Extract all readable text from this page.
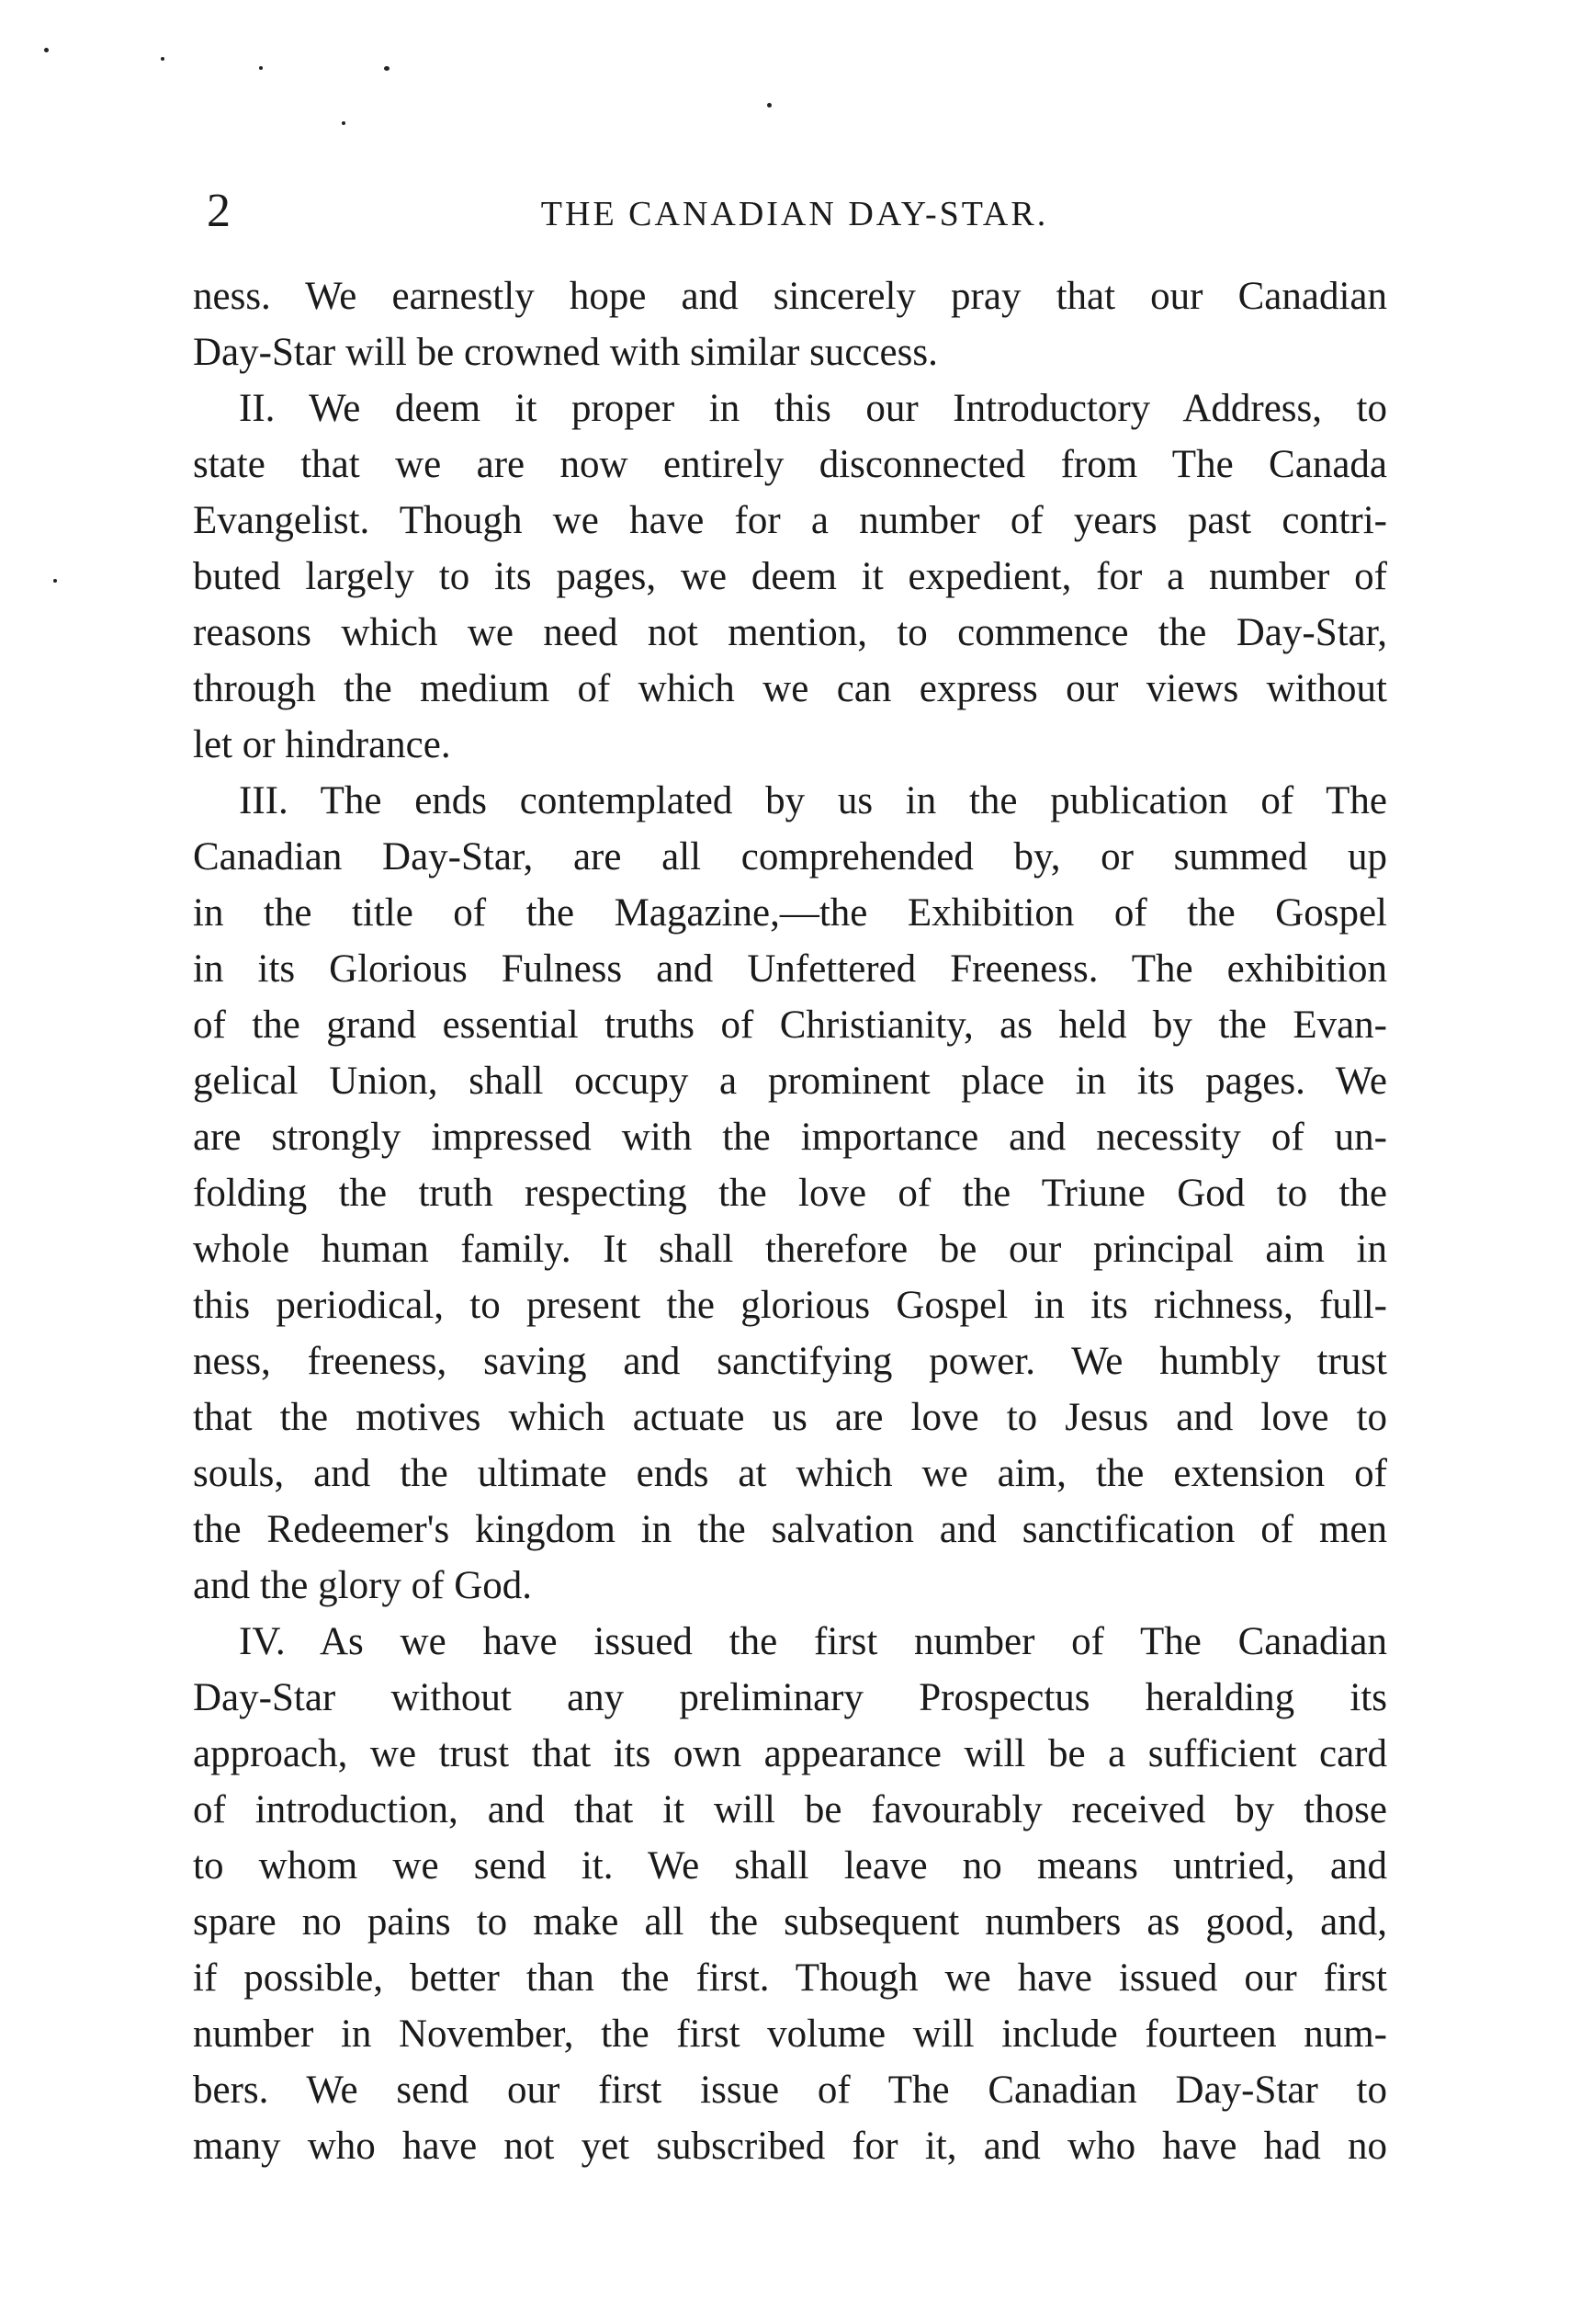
2	THE CANADIAN DAY-STAR.
ness. We earnestly hope and sincerely pray that our Canadian
Day-Star will be crowned with similar success.
II. We deem it proper in this our Introductory Address, to
state that we are now entirely disconnected from The Canada
Evangelist. Though we have for a number of years past contri-
buted largely to its pages, we deem it expedient, for a number of
reasons which we need not mention, to commence the Day-Star,
through the medium of which we can express our views without
let or hindrance.
III. The ends contemplated by us in the publication of The
Canadian Day-Star, are all comprehended by, or summed up
in the title of the Magazine,—the Exhibition of the Gospel
in its Glorious Fulness and Unfettered Freeness. The exhibition
of the grand essential truths of Christianity, as held by the Evan-
gelical Union, shall occupy a prominent place in its pages. We
are strongly impressed with the importance and necessity of un-
folding the truth respecting the love of the Triune God to the
whole human family. It shall therefore be our principal aim in
this periodical, to present the glorious Gospel in its richness, full-
ness, freeness, saving and sanctifying power. We humbly trust
that the motives which actuate us are love to Jesus and love to
souls, and the ultimate ends at which we aim, the extension of
the Redeemer's kingdom in the salvation and sanctification of men
and the glory of God.
IV. As we have issued the first number of The Canadian
Day-Star without any preliminary Prospectus heralding its
approach, we trust that its own appearance will be a sufficient card
of introduction, and that it will be favourably received by those
to whom we send it. We shall leave no means untried, and
spare no pains to make all the subsequent numbers as good, and,
if possible, better than the first. Though we have issued our first
number in November, the first volume will include fourteen num-
bers. We send our first issue of The Canadian Day-Star to
many who have not yet subscribed for it, and who have had no
